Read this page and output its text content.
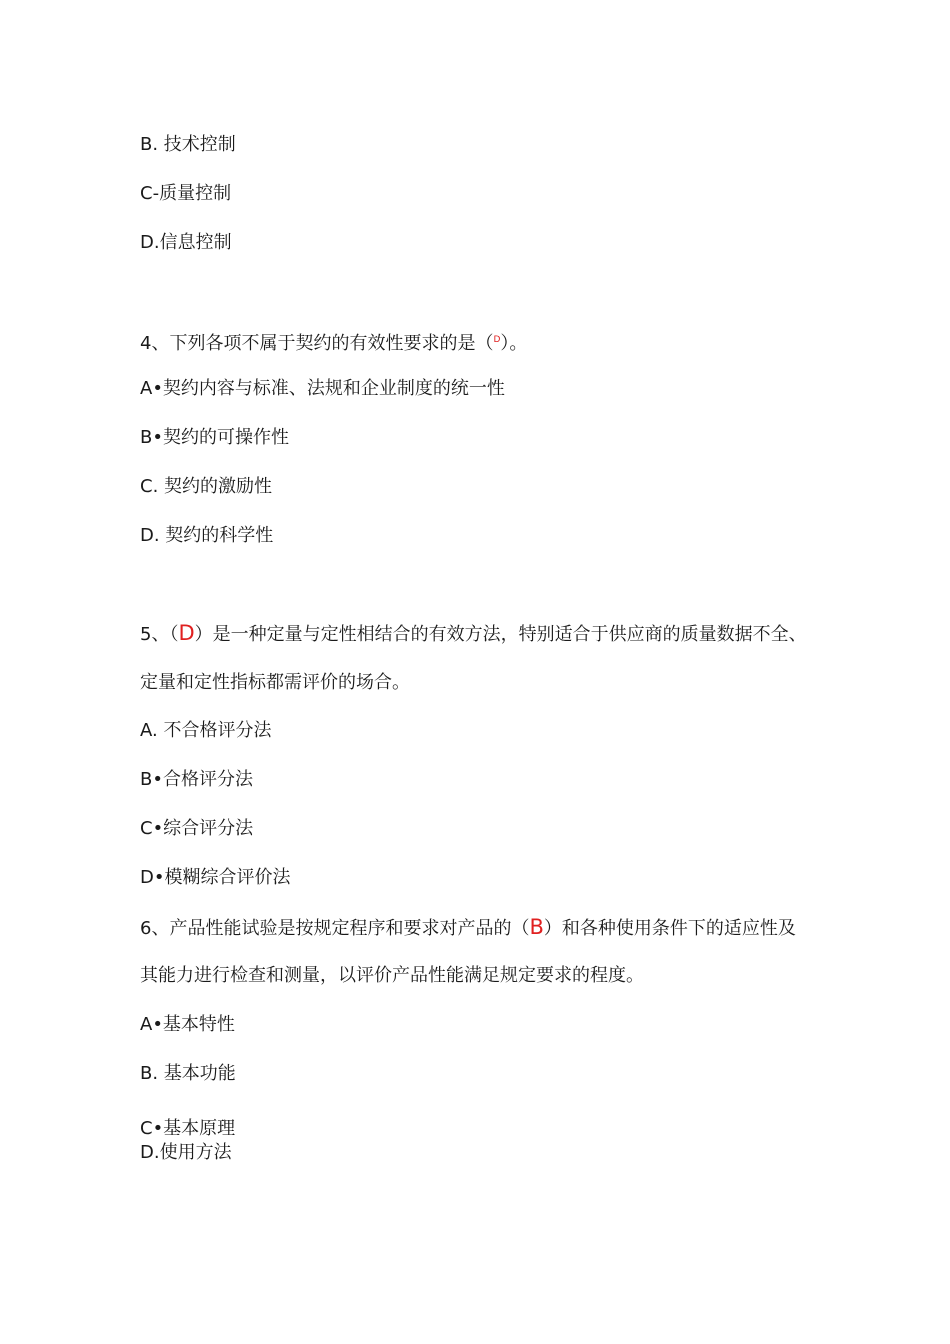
B. 技术控制
C-质量控制
D.信息控制
4、下列各项不属于契约的有效性要求的是（$^D$）。
A•契约内容与标准、法规和企业制度的统一性
B•契约的可操作性
C. 契约的激励性
D. 契约的科学性
5、（D）是一种定量与定性相结合的有效方法，特别适合于供应商的质量数据不全、
定量和定性指标都需评价的场合。
A. 不合格评分法
B•合格评分法
C•综合评分法
D•模糊综合评价法
6、产品性能试验是按规定程序和要求对产品的（B）和各种使用条件下的适应性及
其能力进行检查和测量，以评价产品性能满足规定要求的程度。
A•基本特性
B. 基本功能
C•基本原理
D.使用方法
